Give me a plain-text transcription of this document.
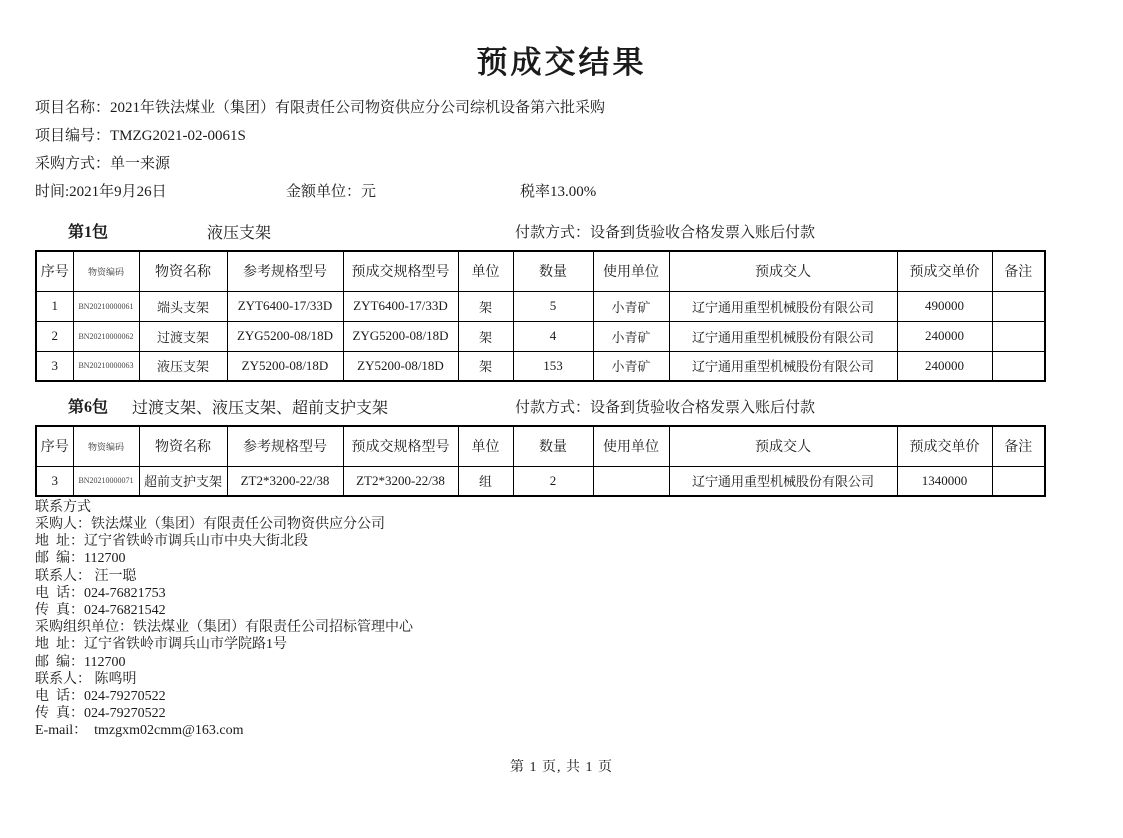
预成交结果
项目名称：2021年铁法煤业（集团）有限责任公司物资供应分公司综机设备第六批采购
项目编号：TMZG2021-02-0061S
采购方式：单一来源
时间:2021年9月26日	金额单位：元	税率13.00%
第1包	液压支架	付款方式：设备到货验收合格发票入账后付款
序号	物资编码	物资名称	参考规格型号	预成交规格型号	单位	数量	使用单位	预成交人	预成交单价	备注
1	BN20210000061	端头支架	ZYT6400-17/33D	ZYT6400-17/33D	架	5	小青矿	辽宁通用重型机械股份有限公司	490000	
2	BN20210000062	过渡支架	ZYG5200-08/18D	ZYG5200-08/18D	架	4	小青矿	辽宁通用重型机械股份有限公司	240000	
3	BN20210000063	液压支架	ZY5200-08/18D	ZY5200-08/18D	架	153	小青矿	辽宁通用重型机械股份有限公司	240000	
第6包 过渡支架、液压支架、超前支护支架	付款方式：设备到货验收合格发票入账后付款
序号	物资编码	物资名称	参考规格型号	预成交规格型号	单位	数量	使用单位	预成交人	预成交单价	备注
3	BN20210000071	超前支护支架	ZT2*3200-22/38	ZT2*3200-22/38	组	2		辽宁通用重型机械股份有限公司	1340000	
联系方式
采购人：铁法煤业（集团）有限责任公司物资供应分公司
地  址：辽宁省铁岭市调兵山市中央大街北段
邮  编：112700
联系人： 汪一聪
电  话：024-76821753
传  真：024-76821542
采购组织单位：铁法煤业（集团）有限责任公司招标管理中心
地  址：辽宁省铁岭市调兵山市学院路1号
邮  编：112700
联系人： 陈鸣明
电  话：024-79270522
传  真：024-79270522
E-mail：  tmzgxm02cmm@163.com
第 1 页, 共 1 页
